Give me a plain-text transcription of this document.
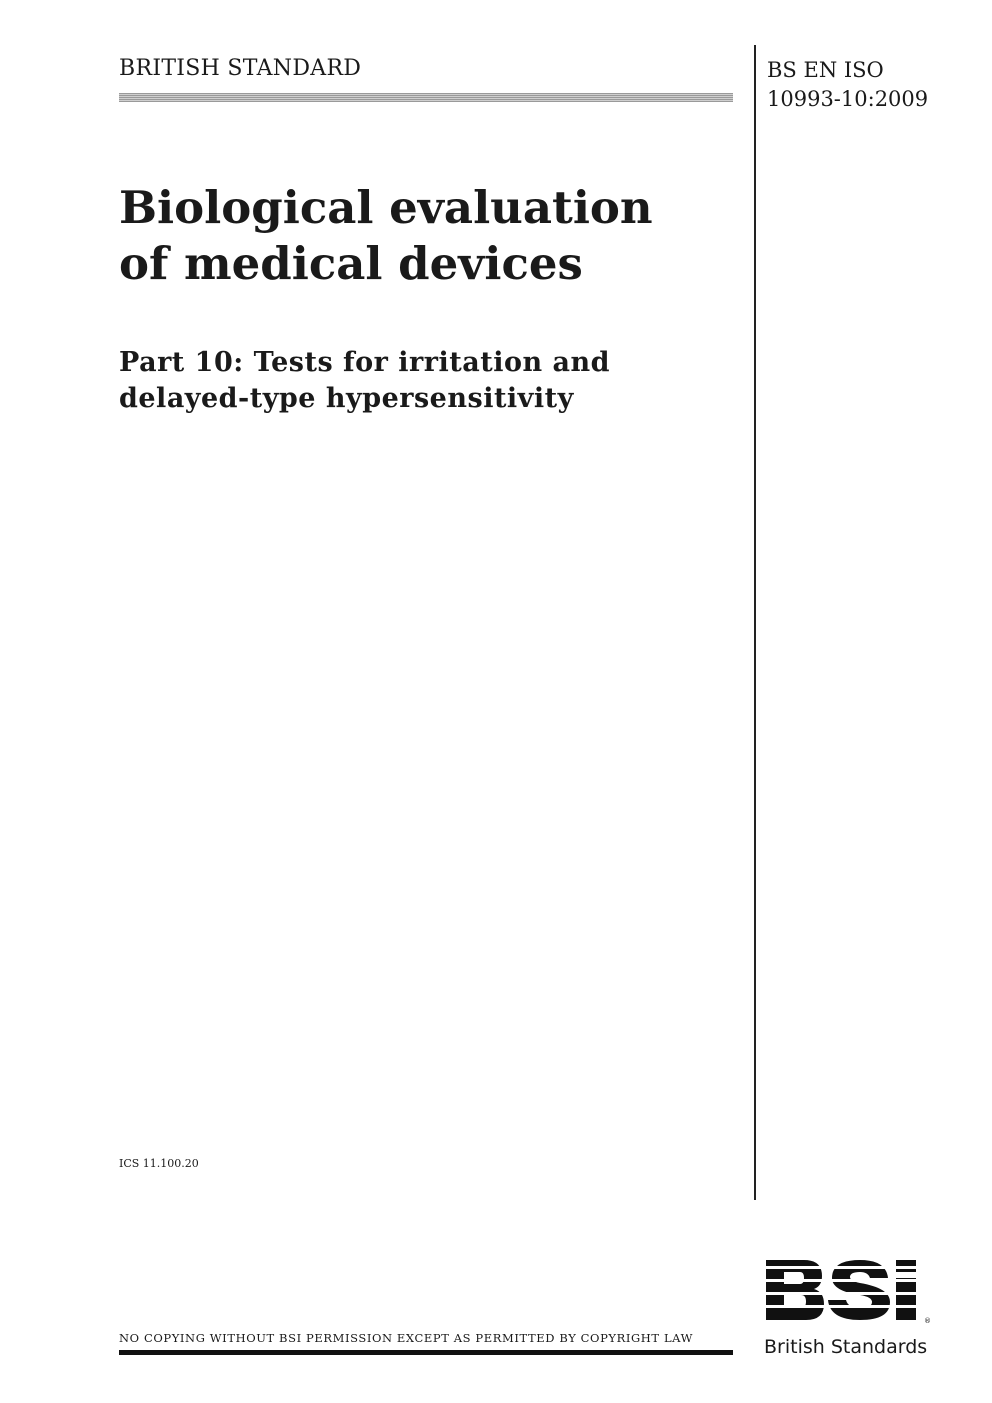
BRITISH STANDARD	BS EN ISO
10993-10:2009
Biological evaluation
of medical devices
Part 10: Tests for irritation and
delayed-type hypersensitivity
ICS 11.100.20
NO COPYING WITHOUT BSI PERMISSION EXCEPT AS PERMITTED BY COPYRIGHT LAW
®
British Standards
